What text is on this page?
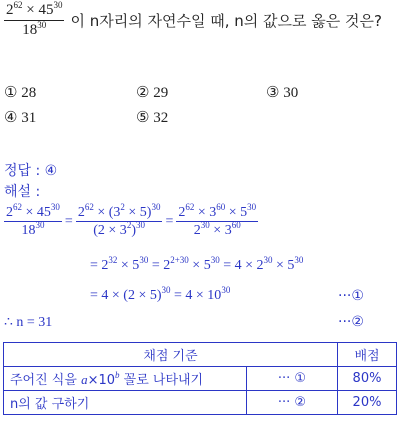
$\frac{2^{62} \times 45^{30}}{18^{30}}$ 이 n자리의 자연수일 때, n의 값으로 옳은 것은?
① 28	② 29	③ 30
④ 31	⑤ 32
정답 : ④
해설 :
$\frac{2^{62} \times 45^{30}}{18^{30}} = \frac{2^{62} \times (3^2 \times 5)^{30}}{(2 \times 3^2)^{30}} = \frac{2^{62} \times 3^{60} \times 5^{30}}{2^{30} \times 3^{60}}$
= $2^{32} \times 5^{30} = 2^{2+30} \times 5^{30} = 4 \times 2^{30} \times 5^{30}$
= $4 \times (2 \times 5)^{30} = 4 \times 10^{30}$	···①
∴ n = 31	···②
채점 기준		배점
주어진 식을 $a\times 10^b$ 꼴로 나타내기	··· ①	80%
n의 값 구하기	··· ②	20%
